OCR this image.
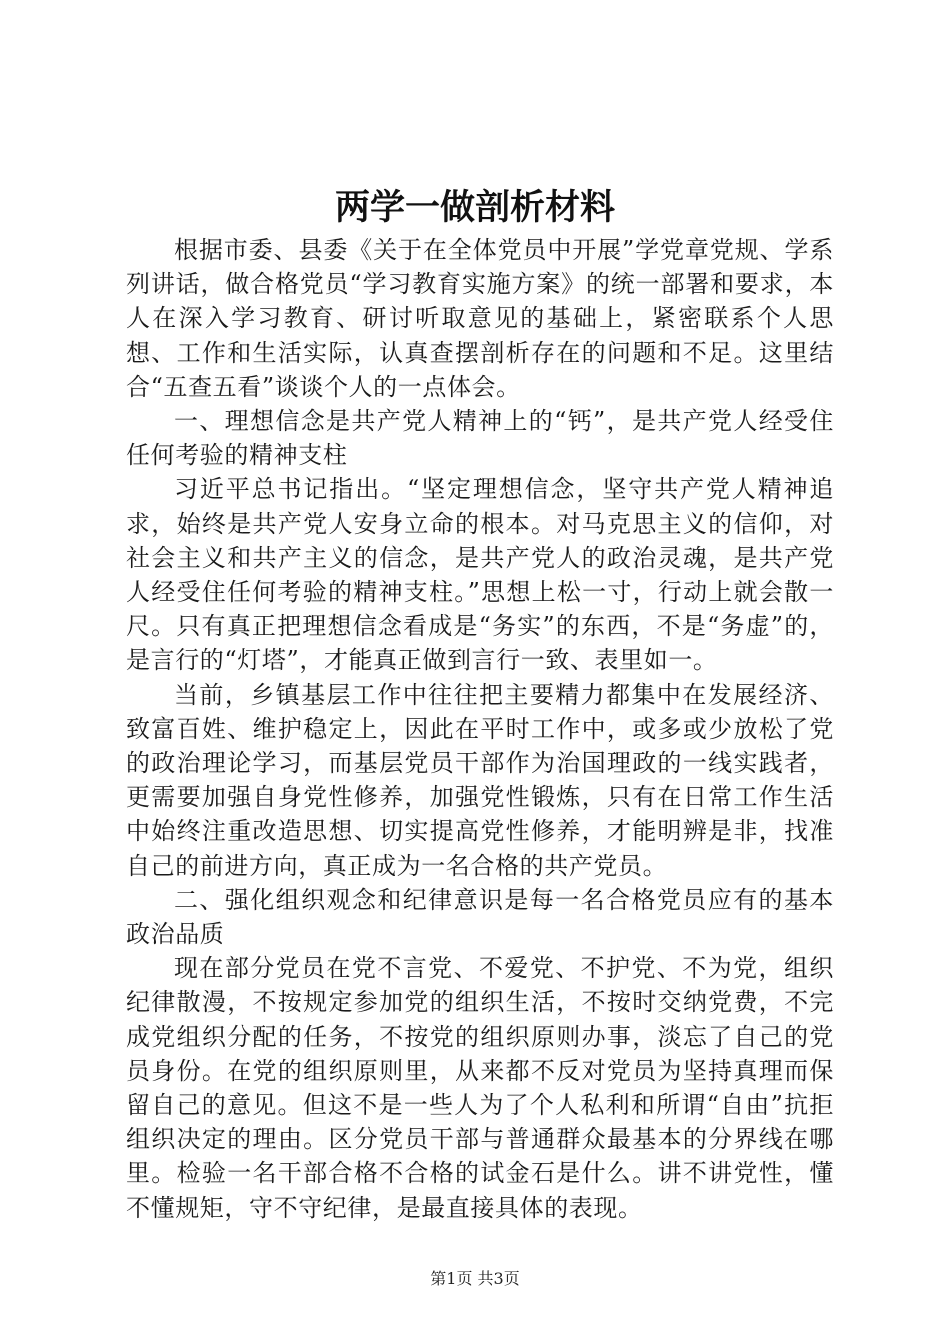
两学一做剖析材料

根据市委、县委《关于在全体党员中开展”学党章党规、学系列讲话，做合格党员“学习教育实施方案》的统一部署和要求，本人在深入学习教育、研讨听取意见的基础上，紧密联系个人思想、工作和生活实际，认真查摆剖析存在的问题和不足。这里结合“五查五看”谈谈个人的一点体会。

一、理想信念是共产党人精神上的“钙”，是共产党人经受住任何考验的精神支柱

习近平总书记指出。“坚定理想信念，坚守共产党人精神追求，始终是共产党人安身立命的根本。对马克思主义的信仰，对社会主义和共产主义的信念，是共产党人的政治灵魂，是共产党人经受住任何考验的精神支柱。”思想上松一寸，行动上就会散一尺。只有真正把理想信念看成是“务实”的东西，不是“务虚”的，是言行的“灯塔”，才能真正做到言行一致、表里如一。

当前，乡镇基层工作中往往把主要精力都集中在发展经济、致富百姓、维护稳定上，因此在平时工作中，或多或少放松了党的政治理论学习，而基层党员干部作为治国理政的一线实践者，更需要加强自身党性修养，加强党性锻炼，只有在日常工作生活中始终注重改造思想、切实提高党性修养，才能明辨是非，找准自己的前进方向，真正成为一名合格的共产党员。

二、强化组织观念和纪律意识是每一名合格党员应有的基本政治品质

现在部分党员在党不言党、不爱党、不护党、不为党，组织纪律散漫，不按规定参加党的组织生活，不按时交纳党费，不完成党组织分配的任务，不按党的组织原则办事，淡忘了自己的党员身份。在党的组织原则里，从来都不反对党员为坚持真理而保留自己的意见。但这不是一些人为了个人私利和所谓“自由”抗拒组织决定的理由。区分党员干部与普通群众最基本的分界线在哪里。检验一名干部合格不合格的试金石是什么。讲不讲党性，懂不懂规矩，守不守纪律，是最直接具体的表现。

第1页 共3页
